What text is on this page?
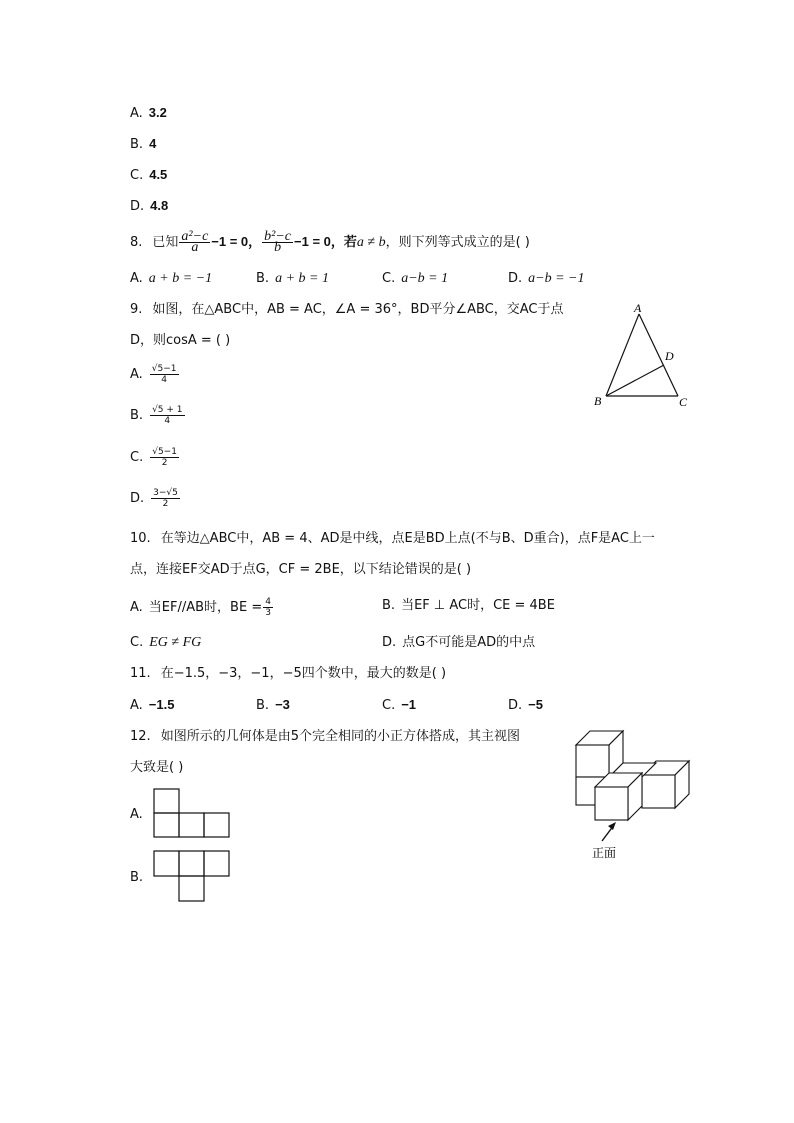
A. 3.2
B. 4
C. 4.5
D. 4.8
8. 已知 $\frac{\text{a²−c}}{a} -1 = 0$， $\frac{\text{b²−c}}{b} -1 = 0$，若a ≠ b，则下列等式成立的是( )
A. a + b = −1	B. a + b = 1	C. a−b = 1	D. a−b = −1
9. 如图，在△ABC中，AB = AC，∠A = 36°，BD平分∠ABC，交AC于点
D，则cosA = ( )
A. $\frac{√5-1}{4}$
B. $\frac{√5 + 1}{4}$
C. $\frac{√5-1}{2}$
D. $\frac{3-√5}{2}$
A
B	C
D
10. 在等边△ABC中，AB = 4、AD是中线，点E是BD上点(不与B、D重合)，点F是AC上一
点，连接EF交AD于点G，CF = 2BE，以下结论错误的是( )
A. 当EF//AB时，BE = $\frac{4}{3}$	B. 当EF ⊥ AC时，CE = 4BE
C. EG ≠ FG	D. 点G不可能是AD的中点
11. 在−1.5，−3，−1，−5四个数中，最大的数是( )
A. −1.5	B. −3	C. −1	D. −5
12. 如图所示的几何体是由5个完全相同的小正方体搭成，其主视图
大致是( )
A.
B.
正面
